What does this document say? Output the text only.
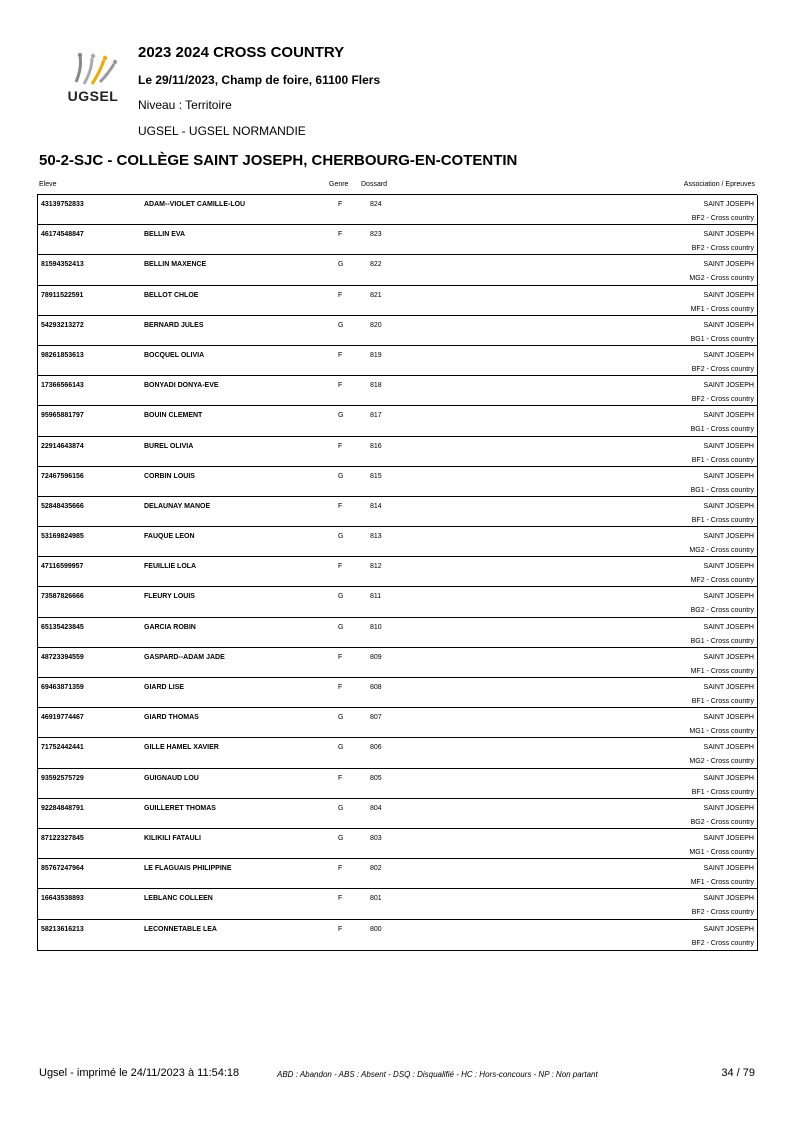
UGSEL
2023 2024 CROSS COUNTRY
Le 29/11/2023, Champ de foire, 61100 Flers
Niveau : Territoire
UGSEL - UGSEL NORMANDIE
50-2-SJC - COLLÈGE SAINT JOSEPH, CHERBOURG-EN-COTENTIN
Eleve	Genre Dossard	Association / Epreuves
43139752833	ADAM--VIOLET CAMILLE-LOU	F	824	SAINT JOSEPH
BF2 - Cross country
46174548847	BELLIN EVA	F	823	SAINT JOSEPH
BF2 - Cross country
81594352413	BELLIN MAXENCE	G	822	SAINT JOSEPH
MG2 - Cross country
78911522591	BELLOT CHLOE	F	821	SAINT JOSEPH
MF1 - Cross country
54293213272	BERNARD JULES	G	820	SAINT JOSEPH
BG1 - Cross country
98261853613	BOCQUEL OLIVIA	F	819	SAINT JOSEPH
BF2 - Cross country
17366566143	BONYADI DONYA-EVE	F	818	SAINT JOSEPH
BF2 - Cross country
95965881797	BOUIN CLEMENT	G	817	SAINT JOSEPH
BG1 - Cross country
22914643874	BUREL OLIVIA	F	816	SAINT JOSEPH
BF1 - Cross country
72467596156	CORBIN LOUIS	G	815	SAINT JOSEPH
BG1 - Cross country
52848435666	DELAUNAY MANOE	F	814	SAINT JOSEPH
BF1 - Cross country
53169824985	FAUQUE LEON	G	813	SAINT JOSEPH
MG2 - Cross country
47116599957	FEUILLIE LOLA	F	812	SAINT JOSEPH
MF2 - Cross country
73587826666	FLEURY LOUIS	G	811	SAINT JOSEPH
BG2 - Cross country
65135423845	GARCIA ROBIN	G	810	SAINT JOSEPH
BG1 - Cross country
48723394559	GASPARD--ADAM JADE	F	809	SAINT JOSEPH
MF1 - Cross country
69463871359	GIARD LISE	F	808	SAINT JOSEPH
BF1 - Cross country
46919774467	GIARD THOMAS	G	807	SAINT JOSEPH
MG1 - Cross country
71752442441	GILLE HAMEL XAVIER	G	806	SAINT JOSEPH
MG2 - Cross country
93592575729	GUIGNAUD LOU	F	805	SAINT JOSEPH
BF1 - Cross country
92284848791	GUILLERET THOMAS	G	804	SAINT JOSEPH
BG2 - Cross country
87122327845	KILIKILI FATAULI	G	803	SAINT JOSEPH
MG1 - Cross country
85767247964	LE FLAGUAIS PHILIPPINE	F	802	SAINT JOSEPH
MF1 - Cross country
16643538893	LEBLANC COLLEEN	F	801	SAINT JOSEPH
BF2 - Cross country
58213616213	LECONNETABLE LEA	F	800	SAINT JOSEPH
BF2 - Cross country
Ugsel - imprimé le 24/11/2023 à 11:54:18	ABD : Abandon - ABS : Absent - DSQ : Disqualifié - HC : Hors-concours - NP : Non partant	34 / 79
